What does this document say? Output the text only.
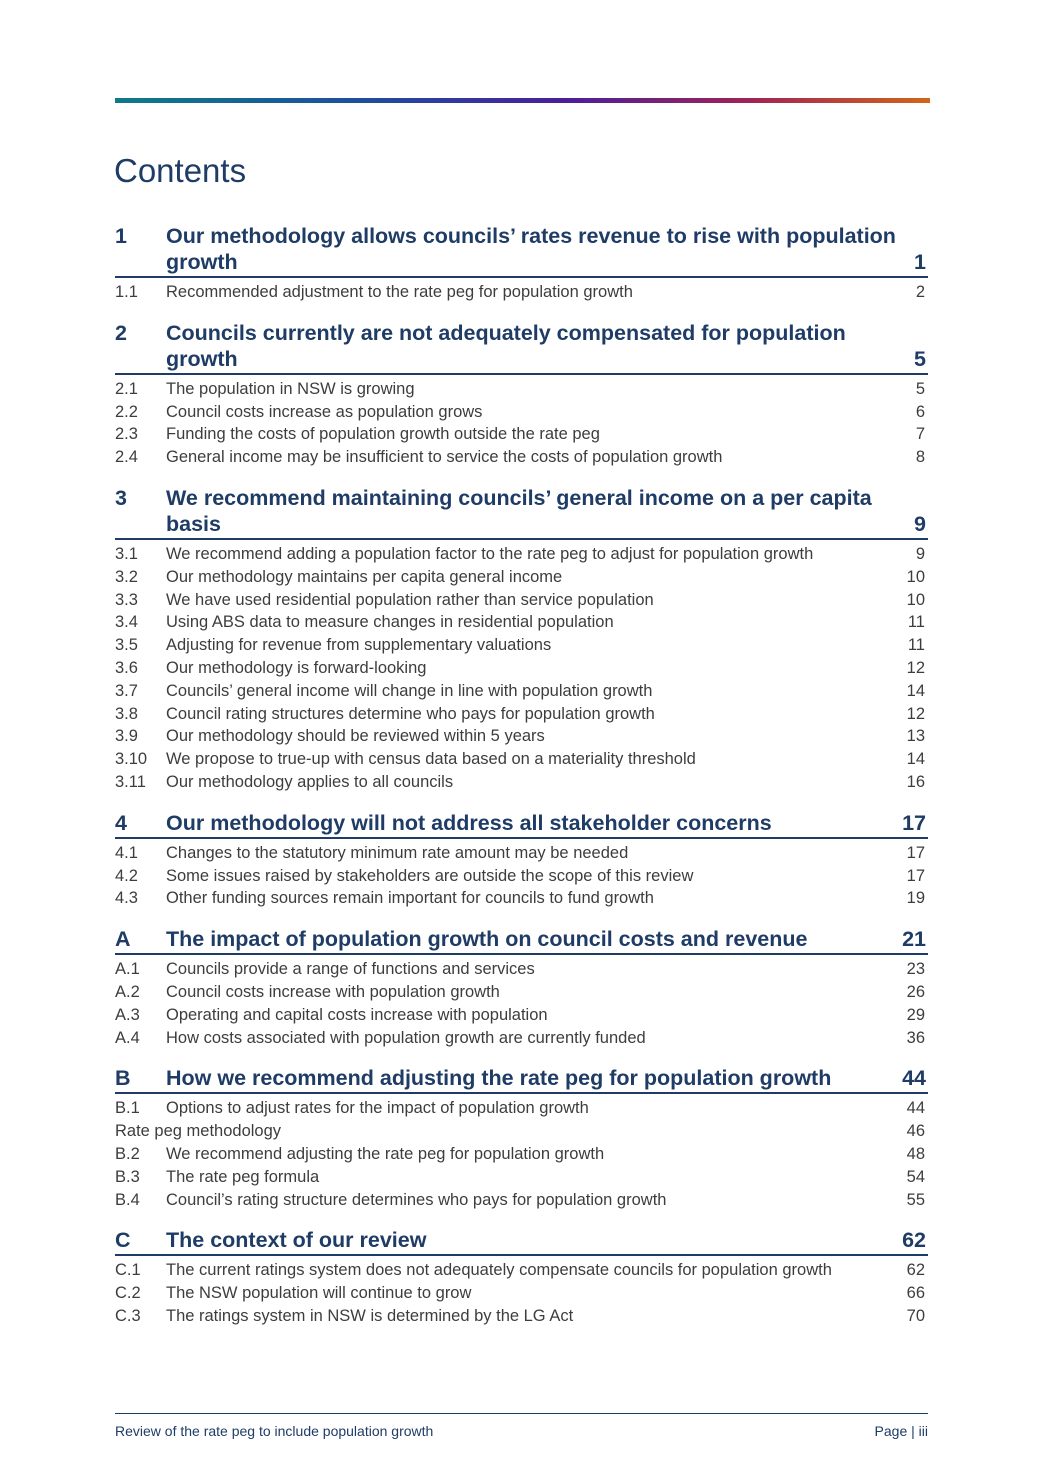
Contents
1	Our methodology allows councils’ rates revenue to rise with population growth	1
1.1	Recommended adjustment to the rate peg for population growth	2
2	Councils currently are not adequately compensated for population growth	5
2.1	The population in NSW is growing	5
2.2	Council costs increase as population grows	6
2.3	Funding the costs of population growth outside the rate peg	7
2.4	General income may be insufficient to service the costs of population growth	8
3	We recommend maintaining councils’ general income on a per capita basis	9
3.1	We recommend adding a population factor to the rate peg to adjust for population growth	9
3.2	Our methodology maintains per capita general income	10
3.3	We have used residential population rather than service population	10
3.4	Using ABS data to measure changes in residential population	11
3.5	Adjusting for revenue from supplementary valuations	11
3.6	Our methodology is forward-looking	12
3.7	Councils’ general income will change in line with population growth	14
3.8	Council rating structures determine who pays for population growth	12
3.9	Our methodology should be reviewed within 5 years	13
3.10	We propose to true-up with census data based on a materiality threshold	14
3.11	Our methodology applies to all councils	16
4	Our methodology will not address all stakeholder concerns	17
4.1	Changes to the statutory minimum rate amount may be needed	17
4.2	Some issues raised by stakeholders are outside the scope of this review	17
4.3	Other funding sources remain important for councils to fund growth	19
A	The impact of population growth on council costs and revenue	21
A.1	Councils provide a range of functions and services	23
A.2	Council costs increase with population growth	26
A.3	Operating and capital costs increase with population	29
A.4	How costs associated with population growth are currently funded	36
B	How we recommend adjusting the rate peg for population growth	44
B.1	Options to adjust rates for the impact of population growth	44
Rate peg methodology	46
B.2	We recommend adjusting the rate peg for population growth	48
B.3	The rate peg formula	54
B.4	Council’s rating structure determines who pays for population growth	55
C	The context of our review	62
C.1	The current ratings system does not adequately compensate councils for population growth	62
C.2	The NSW population will continue to grow	66
C.3	The ratings system in NSW is determined by the LG Act	70
Review of the rate peg to include population growth	Page | iii
